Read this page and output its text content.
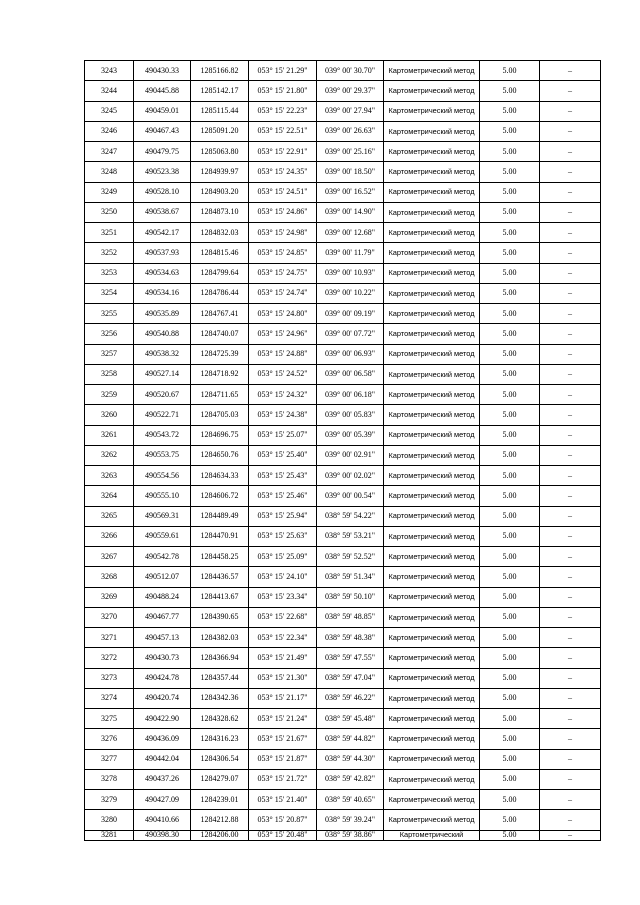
3243	490430.33	1285166.82	053° 15' 21.29"	039° 00' 30.70"	Картометрический метод	5.00	–
3244	490445.88	1285142.17	053° 15' 21.80"	039° 00' 29.37"	Картометрический метод	5.00	–
3245	490459.01	1285115.44	053° 15' 22.23"	039° 00' 27.94"	Картометрический метод	5.00	–
3246	490467.43	1285091.20	053° 15' 22.51"	039° 00' 26.63"	Картометрический метод	5.00	–
3247	490479.75	1285063.80	053° 15' 22.91"	039° 00' 25.16"	Картометрический метод	5.00	–
3248	490523.38	1284939.97	053° 15' 24.35"	039° 00' 18.50"	Картометрический метод	5.00	–
3249	490528.10	1284903.20	053° 15' 24.51"	039° 00' 16.52"	Картометрический метод	5.00	–
3250	490538.67	1284873.10	053° 15' 24.86"	039° 00' 14.90"	Картометрический метод	5.00	–
3251	490542.17	1284832.03	053° 15' 24.98"	039° 00' 12.68"	Картометрический метод	5.00	–
3252	490537.93	1284815.46	053° 15' 24.85"	039° 00' 11.79"	Картометрический метод	5.00	–
3253	490534.63	1284799.64	053° 15' 24.75"	039° 00' 10.93"	Картометрический метод	5.00	–
3254	490534.16	1284786.44	053° 15' 24.74"	039° 00' 10.22"	Картометрический метод	5.00	–
3255	490535.89	1284767.41	053° 15' 24.80"	039° 00' 09.19"	Картометрический метод	5.00	–
3256	490540.88	1284740.07	053° 15' 24.96"	039° 00' 07.72"	Картометрический метод	5.00	–
3257	490538.32	1284725.39	053° 15' 24.88"	039° 00' 06.93"	Картометрический метод	5.00	–
3258	490527.14	1284718.92	053° 15' 24.52"	039° 00' 06.58"	Картометрический метод	5.00	–
3259	490520.67	1284711.65	053° 15' 24.32"	039° 00' 06.18"	Картометрический метод	5.00	–
3260	490522.71	1284705.03	053° 15' 24.38"	039° 00' 05.83"	Картометрический метод	5.00	–
3261	490543.72	1284696.75	053° 15' 25.07"	039° 00' 05.39"	Картометрический метод	5.00	–
3262	490553.75	1284650.76	053° 15' 25.40"	039° 00' 02.91"	Картометрический метод	5.00	–
3263	490554.56	1284634.33	053° 15' 25.43"	039° 00' 02.02"	Картометрический метод	5.00	–
3264	490555.10	1284606.72	053° 15' 25.46"	039° 00' 00.54"	Картометрический метод	5.00	–
3265	490569.31	1284489.49	053° 15' 25.94"	038° 59' 54.22"	Картометрический метод	5.00	–
3266	490559.61	1284470.91	053° 15' 25.63"	038° 59' 53.21"	Картометрический метод	5.00	–
3267	490542.78	1284458.25	053° 15' 25.09"	038° 59' 52.52"	Картометрический метод	5.00	–
3268	490512.07	1284436.57	053° 15' 24.10"	038° 59' 51.34"	Картометрический метод	5.00	–
3269	490488.24	1284413.67	053° 15' 23.34"	038° 59' 50.10"	Картометрический метод	5.00	–
3270	490467.77	1284390.65	053° 15' 22.68"	038° 59' 48.85"	Картометрический метод	5.00	–
3271	490457.13	1284382.03	053° 15' 22.34"	038° 59' 48.38"	Картометрический метод	5.00	–
3272	490430.73	1284366.94	053° 15' 21.49"	038° 59' 47.55"	Картометрический метод	5.00	–
3273	490424.78	1284357.44	053° 15' 21.30"	038° 59' 47.04"	Картометрический метод	5.00	–
3274	490420.74	1284342.36	053° 15' 21.17"	038° 59' 46.22"	Картометрический метод	5.00	–
3275	490422.90	1284328.62	053° 15' 21.24"	038° 59' 45.48"	Картометрический метод	5.00	–
3276	490436.09	1284316.23	053° 15' 21.67"	038° 59' 44.82"	Картометрический метод	5.00	–
3277	490442.04	1284306.54	053° 15' 21.87"	038° 59' 44.30"	Картометрический метод	5.00	–
3278	490437.26	1284279.07	053° 15' 21.72"	038° 59' 42.82"	Картометрический метод	5.00	–
3279	490427.09	1284239.01	053° 15' 21.40"	038° 59' 40.65"	Картометрический метод	5.00	–
3280	490410.66	1284212.88	053° 15' 20.87"	038° 59' 39.24"	Картометрический метод	5.00	–
3281	490398.30	1284206.00	053° 15' 20.48"	038° 59' 38.86"	Картометрический	5.00	–
